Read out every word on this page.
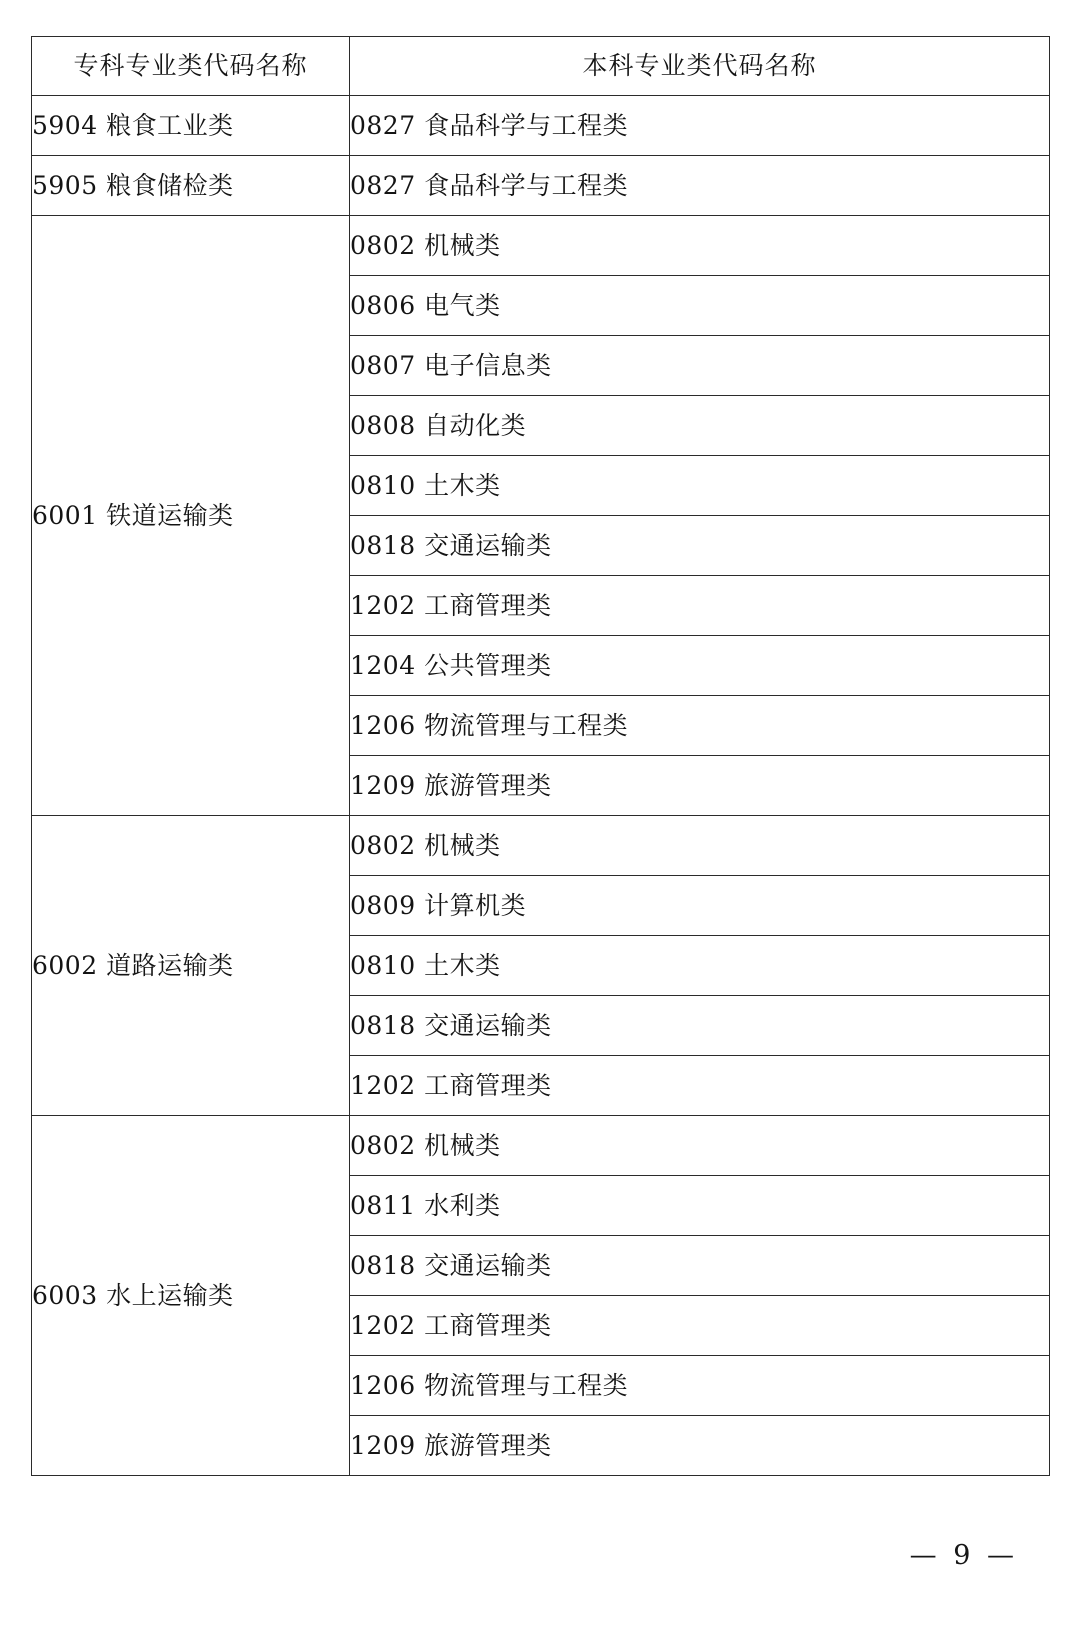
专科专业类代码名称	本科专业类代码名称
5904 粮食工业类	0827 食品科学与工程类
5905 粮食储检类	0827 食品科学与工程类
6001 铁道运输类	0802 机械类
	0806 电气类
	0807 电子信息类
	0808 自动化类
	0810 土木类
	0818 交通运输类
	1202 工商管理类
	1204 公共管理类
	1206 物流管理与工程类
	1209 旅游管理类
6002 道路运输类	0802 机械类
	0809 计算机类
	0810 土木类
	0818 交通运输类
	1202 工商管理类
6003 水上运输类	0802 机械类
	0811 水利类
	0818 交通运输类
	1202 工商管理类
	1206 物流管理与工程类
	1209 旅游管理类
— 9 —
